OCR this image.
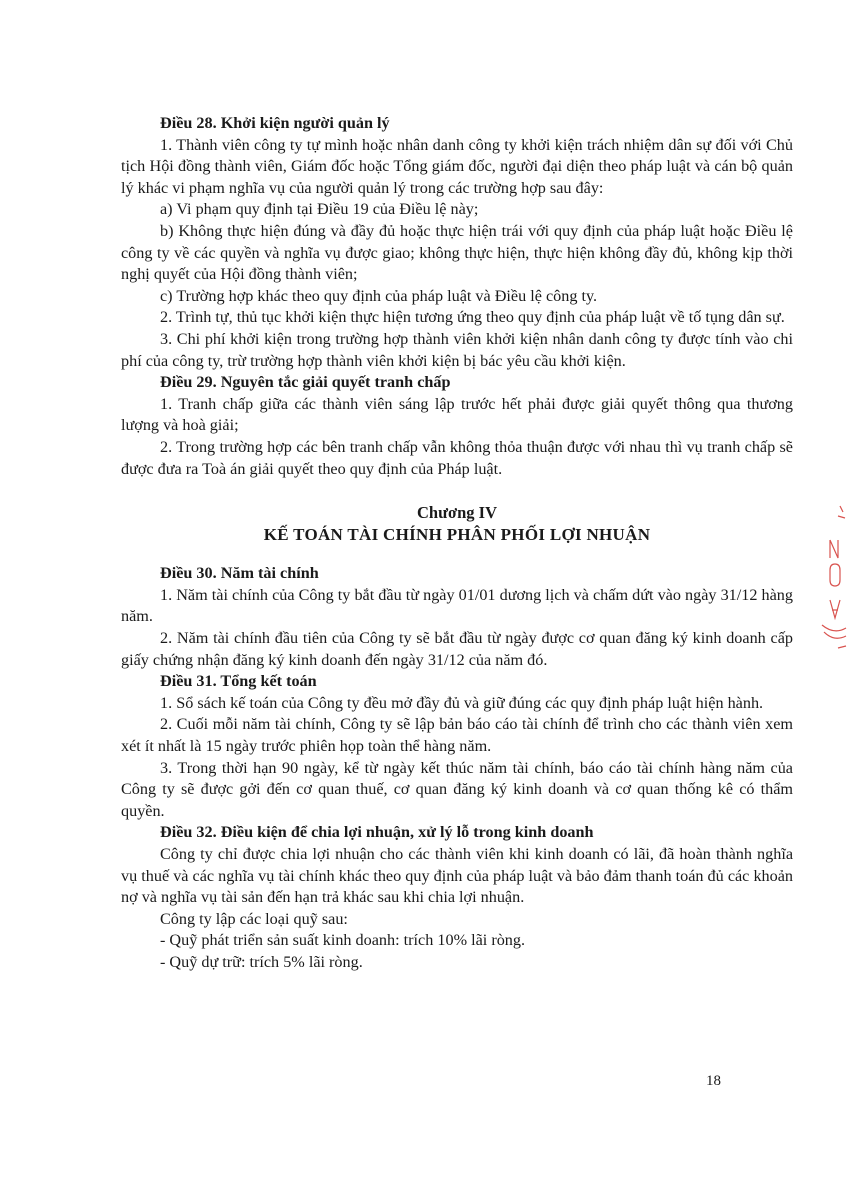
Điều 28. Khởi kiện người quản lý

1. Thành viên công ty tự mình hoặc nhân danh công ty khởi kiện trách nhiệm dân sự đối với Chủ tịch Hội đồng thành viên, Giám đốc hoặc Tổng giám đốc, người đại diện theo pháp luật và cán bộ quản lý khác vi phạm nghĩa vụ của người quản lý trong các trường hợp sau đây:

a) Vi phạm quy định tại Điều 19 của Điều lệ này;

b) Không thực hiện đúng và đầy đủ hoặc thực hiện trái với quy định của pháp luật hoặc Điều lệ công ty về các quyền và nghĩa vụ được giao; không thực hiện, thực hiện không đầy đủ, không kịp thời nghị quyết của Hội đồng thành viên;

c) Trường hợp khác theo quy định của pháp luật và Điều lệ công ty.

2. Trình tự, thủ tục khởi kiện thực hiện tương ứng theo quy định của pháp luật về tố tụng dân sự.

3. Chi phí khởi kiện trong trường hợp thành viên khởi kiện nhân danh công ty được tính vào chi phí của công ty, trừ trường hợp thành viên khởi kiện bị bác yêu cầu khởi kiện.

Điều 29. Nguyên tắc giải quyết tranh chấp

1. Tranh chấp giữa các thành viên sáng lập trước hết phải được giải quyết thông qua thương lượng và hoà giải;

2. Trong trường hợp các bên tranh chấp vẫn không thỏa thuận được với nhau thì vụ tranh chấp sẽ được đưa ra Toà án giải quyết theo quy định của Pháp luật.

Chương IV

KẾ TOÁN TÀI CHÍNH PHÂN PHỐI LỢI NHUẬN

Điều 30. Năm tài chính

1. Năm tài chính của Công ty bắt đầu từ ngày 01/01 dương lịch và chấm dứt vào ngày 31/12 hàng năm.

2. Năm tài chính đầu tiên của Công ty sẽ bắt đầu từ ngày được cơ quan đăng ký kinh doanh cấp giấy chứng nhận đăng ký kinh doanh đến ngày 31/12 của năm đó.

Điều 31. Tổng kết toán

1. Sổ sách kế toán của Công ty đều mở đầy đủ và giữ đúng các quy định pháp luật hiện hành.

2. Cuối mỗi năm tài chính, Công ty sẽ lập bản báo cáo tài chính để trình cho các thành viên xem xét ít nhất là 15 ngày trước phiên họp toàn thể hàng năm.

3. Trong thời hạn 90 ngày, kể từ ngày kết thúc năm tài chính, báo cáo tài chính hàng năm của Công ty sẽ được gởi đến cơ quan thuế, cơ quan đăng ký kinh doanh và cơ quan thống kê có thẩm quyền.

Điều 32. Điều kiện để chia lợi nhuận, xử lý lỗ trong kinh doanh

Công ty chỉ được chia lợi nhuận cho các thành viên khi kinh doanh có lãi, đã hoàn thành nghĩa vụ thuế và các nghĩa vụ tài chính khác theo quy định của pháp luật và bảo đảm thanh toán đủ các khoản nợ và nghĩa vụ tài sản đến hạn trả khác sau khi chia lợi nhuận.

Công ty lập các loại quỹ sau:

- Quỹ phát triển sản suất kinh doanh: trích 10% lãi ròng.

- Quỹ dự trữ: trích 5% lãi ròng.

18
